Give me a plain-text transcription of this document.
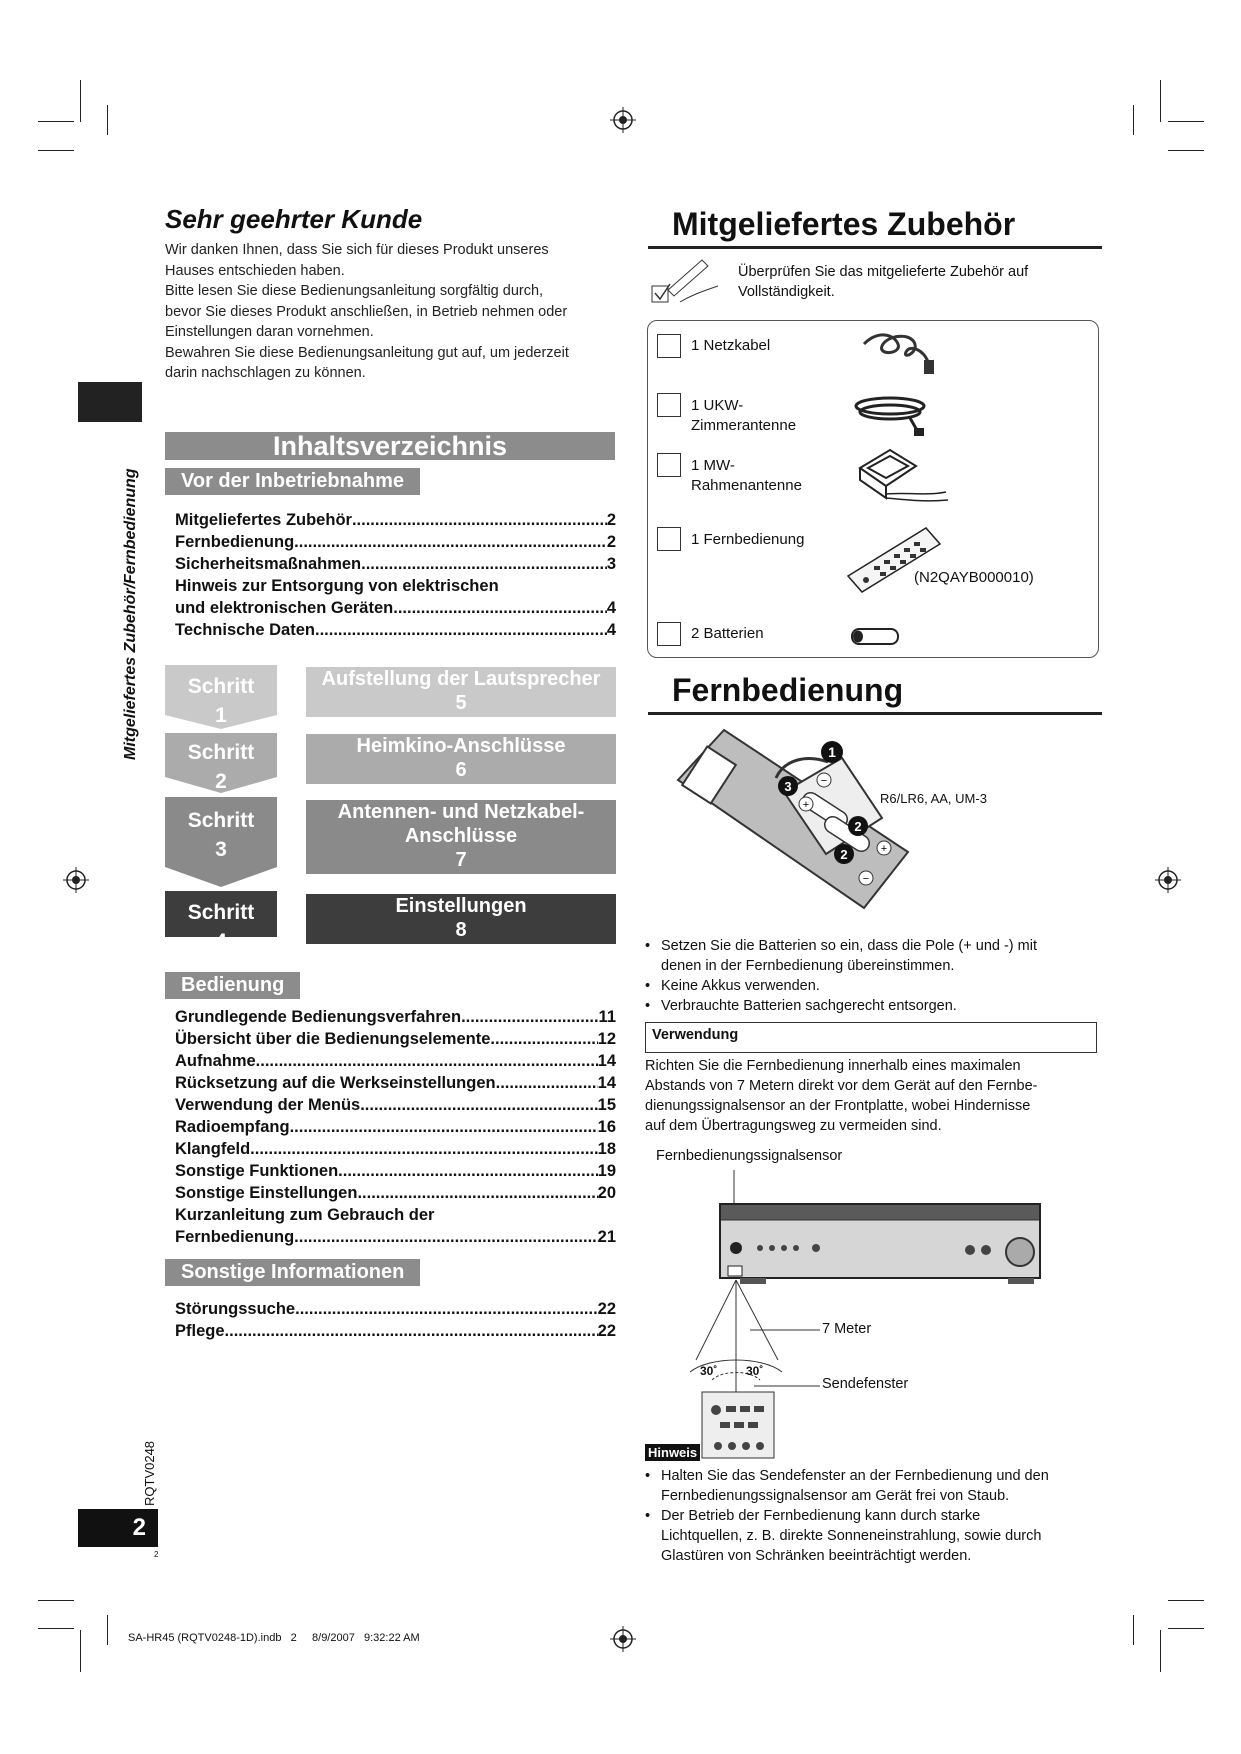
Mitgeliefertes Zubehör/Fernbedienung
Sehr geehrter Kunde
Wir danken Ihnen, dass Sie sich für dieses Produkt unseres
Hauses entschieden haben.
Bitte lesen Sie diese Bedienungsanleitung sorgfältig durch,
bevor Sie dieses Produkt anschließen, in Betrieb nehmen oder
Einstellungen daran vornehmen.
Bewahren Sie diese Bedienungsanleitung gut auf, um jederzeit
darin nachschlagen zu können.
Inhaltsverzeichnis
Vor der Inbetriebnahme
Mitgeliefertes Zubehör .....	2
Fernbedienung .....	2
Sicherheitsmaßnahmen .....	3
Hinweis zur Entsorgung von elektrischen
und elektronischen Geräten .....	4
Technische Daten .....	4
Schritt
1
Schritt
2
Schritt
3
Schritt
4
Aufstellung der Lautsprecher
5
Heimkino-Anschlüsse
6
Antennen- und Netzkabel-
Anschlüsse
7
Einstellungen
8
Bedienung
Grundlegende Bedienungsverfahren .....	11
Übersicht über die Bedienungselemente .....	12
Aufnahme .....	14
Rücksetzung auf die Werkseinstellungen .....	14
Verwendung der Menüs .....	15
Radioempfang .....	16
Klangfeld .....	18
Sonstige Funktionen .....	19
Sonstige Einstellungen .....	20
Kurzanleitung zum Gebrauch der
Fernbedienung .....	21
Sonstige Informationen
Störungssuche .....	22
Pflege .....	22
Mitgeliefertes Zubehör
Überprüfen Sie das mitgelieferte Zubehör auf
Vollständigkeit.
1 Netzkabel
1 UKW-
Zimmerantenne
1 MW-
Rahmenantenne
1 Fernbedienung
(N2QAYB000010)
2 Batterien
Fernbedienung
1
3
2
2
+
−
+
−
R6/LR6, AA, UM-3
• Setzen Sie die Batterien so ein, dass die Pole (+ und -) mit
denen in der Fernbedienung übereinstimmen.
• Keine Akkus verwenden.
• Verbrauchte Batterien sachgerecht entsorgen.
Verwendung
Richten Sie die Fernbedienung innerhalb eines maximalen
Abstands von 7 Metern direkt vor dem Gerät auf den Fernbe-
dienungssignalsensor an der Frontplatte, wobei Hindernisse
auf dem Übertragungsweg zu vermeiden sind.
Fernbedienungssignalsensor
30˚ 30˚
7 Meter
Sendefenster
Hinweis
• Halten Sie das Sendefenster an der Fernbedienung und den
Fernbedienungssignalsensor am Gerät frei von Staub.
• Der Betrieb der Fernbedienung kann durch starke
Lichtquellen, z. B. direkte Sonneneinstrahlung, sowie durch
Glastüren von Schränken beeinträchtigt werden.
RQTV0248
2
2
SA-HR45 (RQTV0248-1D).indb   2     8/9/2007   9:32:22 AM
